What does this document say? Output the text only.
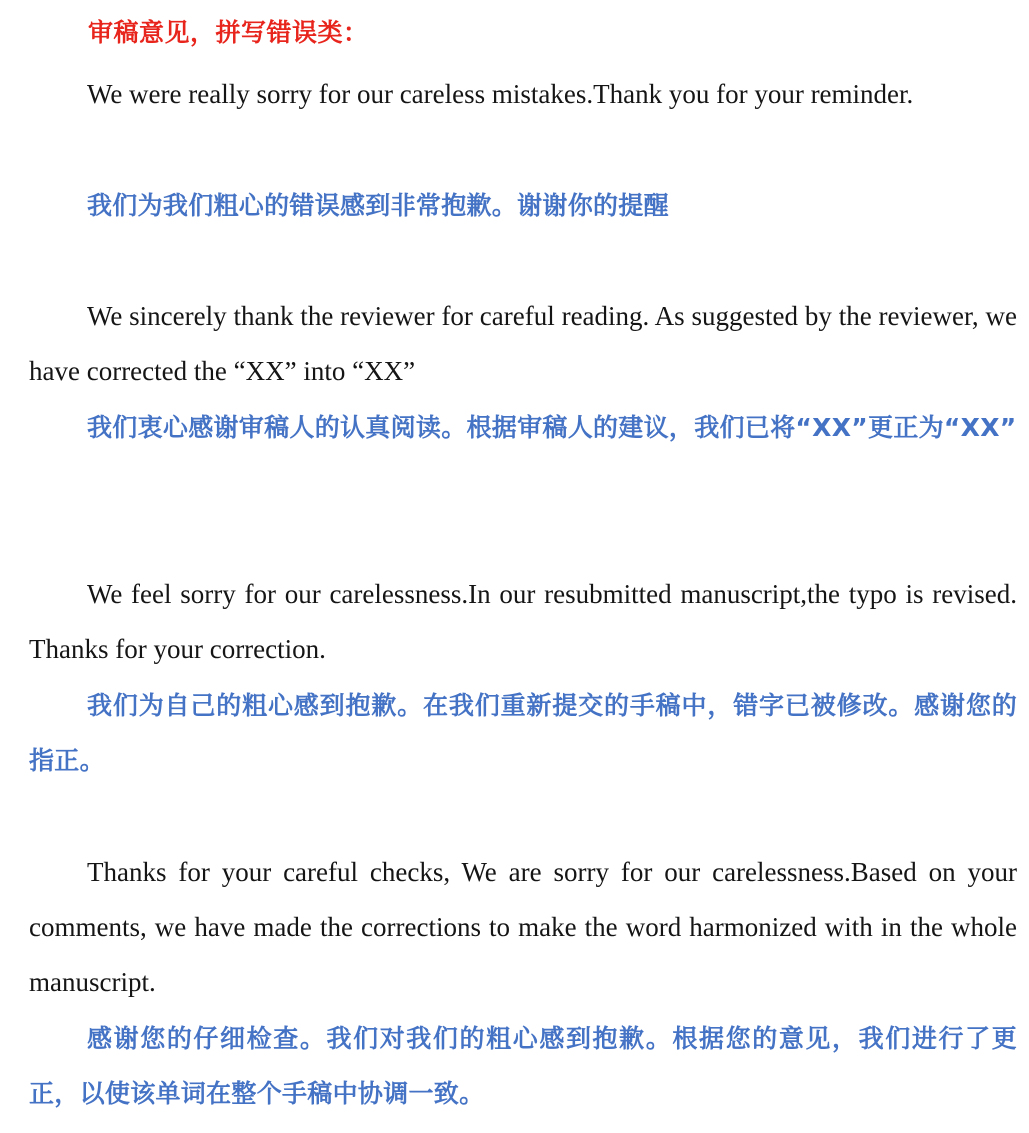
审稿意见，拼写错误类：

We were really sorry for our careless mistakes.Thank you for your reminder.

我们为我们粗心的错误感到非常抱歉。谢谢你的提醒

We sincerely thank the reviewer for careful reading. As suggested by the reviewer, we have corrected the “XX” into “XX”

我们衷心感谢审稿人的认真阅读。根据审稿人的建议，我们已将“XX”更正为“XX”

We feel sorry for our carelessness.In our resubmitted manuscript,the typo is revised. Thanks for your correction.

我们为自己的粗心感到抱歉。在我们重新提交的手稿中，错字已被修改。感谢您的指正。

Thanks for your careful checks, We are sorry for our carelessness.Based on your comments, we have made the corrections to make the word harmonized with in the whole manuscript.

感谢您的仔细检查。我们对我们的粗心感到抱歉。根据您的意见，我们进行了更正，以使该单词在整个手稿中协调一致。
